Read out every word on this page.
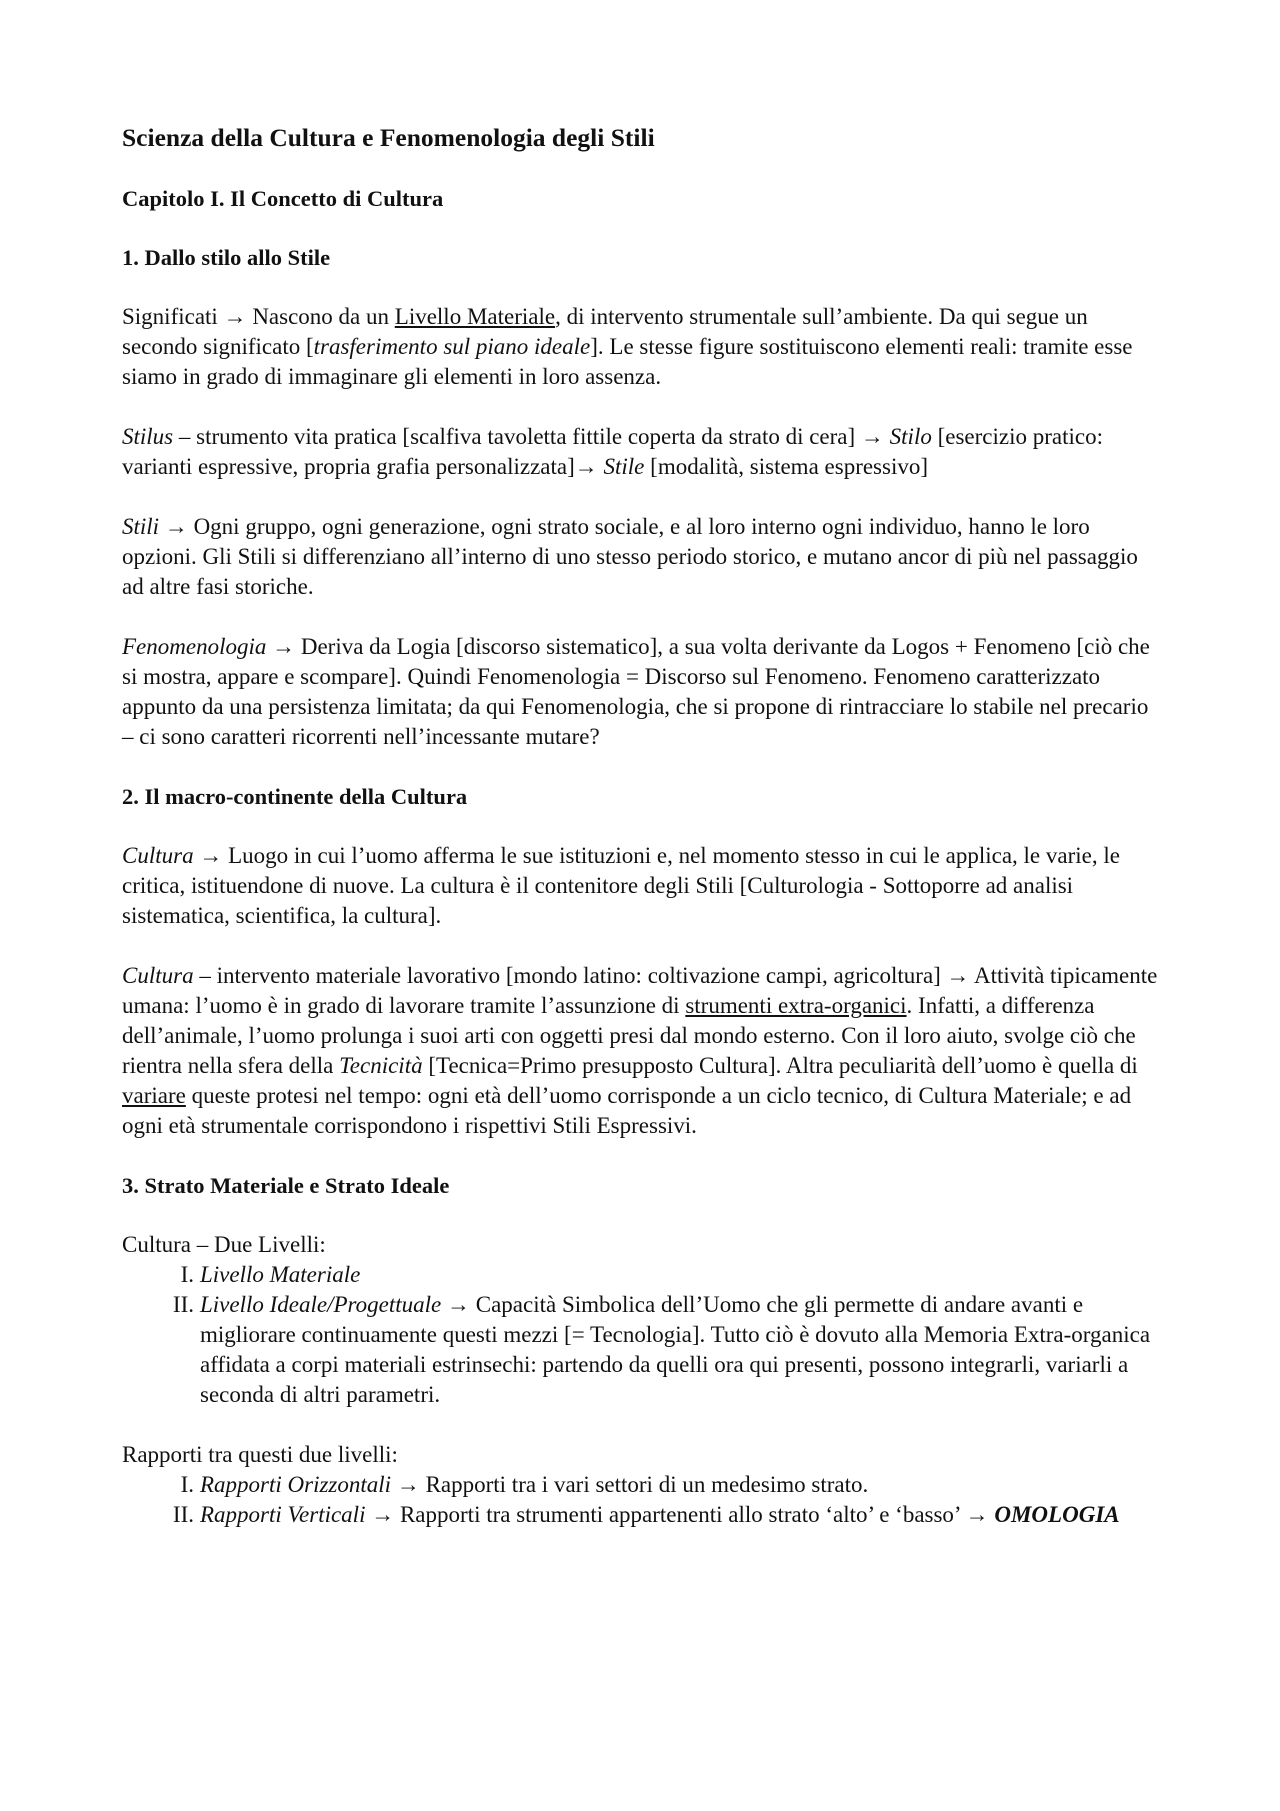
Scienza della Cultura e Fenomenologia degli Stili
Capitolo I. Il Concetto di Cultura
1. Dallo stilo allo Stile

Significati → Nascono da un Livello Materiale, di intervento strumentale sull’ambiente. Da qui segue un secondo significato [trasferimento sul piano ideale]. Le stesse figure sostituiscono elementi reali: tramite esse siamo in grado di immaginare gli elementi in loro assenza.

Stilus – strumento vita pratica [scalfiva tavoletta fittile coperta da strato di cera] → Stilo [esercizio pratico: varianti espressive, propria grafia personalizzata]→ Stile [modalità, sistema espressivo]

Stili → Ogni gruppo, ogni generazione, ogni strato sociale, e al loro interno ogni individuo, hanno le loro opzioni. Gli Stili si differenziano all’interno di uno stesso periodo storico, e mutano ancor di più nel passaggio ad altre fasi storiche.

Fenomenologia → Deriva da Logia [discorso sistematico], a sua volta derivante da Logos + Fenomeno [ciò che si mostra, appare e scompare]. Quindi Fenomenologia = Discorso sul Fenomeno. Fenomeno caratterizzato appunto da una persistenza limitata; da qui Fenomenologia, che si propone di rintracciare lo stabile nel precario – ci sono caratteri ricorrenti nell’incessante mutare?

2. Il macro-continente della Cultura

Cultura → Luogo in cui l’uomo afferma le sue istituzioni e, nel momento stesso in cui le applica, le varie, le critica, istituendone di nuove. La cultura è il contenitore degli Stili [Culturologia - Sottoporre ad analisi sistematica, scientifica, la cultura].

Cultura – intervento materiale lavorativo [mondo latino: coltivazione campi, agricoltura] → Attività tipicamente umana: l’uomo è in grado di lavorare tramite l’assunzione di strumenti extra-organici. Infatti, a differenza dell’animale, l’uomo prolunga i suoi arti con oggetti presi dal mondo esterno. Con il loro aiuto, svolge ciò che rientra nella sfera della Tecnicità [Tecnica=Primo presupposto Cultura]. Altra peculiarità dell’uomo è quella di variare queste protesi nel tempo: ogni età dell’uomo corrisponde a un ciclo tecnico, di Cultura Materiale; e ad ogni età strumentale corrispondono i rispettivi Stili Espressivi.

3. Strato Materiale e Strato Ideale

Cultura – Due Livelli:

I. Livello Materiale
II. Livello Ideale/Progettuale → Capacità Simbolica dell’Uomo che gli permette di andare avanti e migliorare continuamente questi mezzi [= Tecnologia]. Tutto ciò è dovuto alla Memoria Extra-organica affidata a corpi materiali estrinsechi: partendo da quelli ora qui presenti, possono integrarli, variarli a seconda di altri parametri.

Rapporti tra questi due livelli:

I. Rapporti Orizzontali → Rapporti tra i vari settori di un medesimo strato.
II. Rapporti Verticali → Rapporti tra strumenti appartenenti allo strato ‘alto’ e ‘basso’ → OMOLOGIA
